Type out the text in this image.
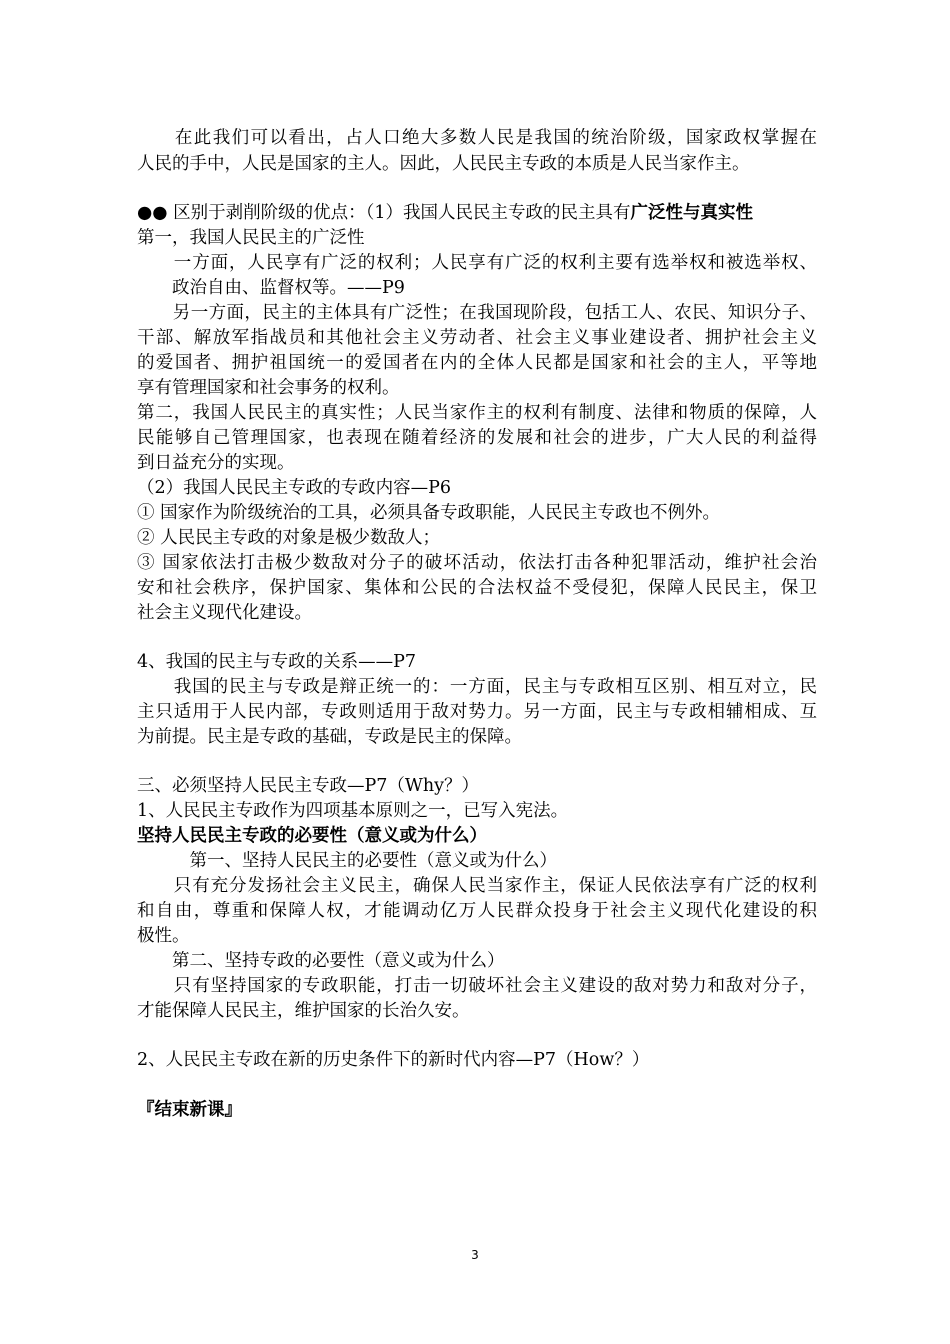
　　在此我们可以看出，占人口绝大多数人民是我国的统治阶级，国家政权掌握在
人民的手中，人民是国家的主人。因此，人民民主专政的本质是人民当家作主。
●● 区别于剥削阶级的优点：（1）我国人民民主专政的民主具有广泛性与真实性
第一，我国人民民主的广泛性
　　一方面，人民享有广泛的权利；人民享有广泛的权利主要有选举权和被选举权、
　　政治自由、监督权等。——P9
　　另一方面，民主的主体具有广泛性；在我国现阶段，包括工人、农民、知识分子、
干部、解放军指战员和其他社会主义劳动者、社会主义事业建设者、拥护社会主义
的爱国者、拥护祖国统一的爱国者在内的全体人民都是国家和社会的主人，平等地
享有管理国家和社会事务的权利。
第二，我国人民民主的真实性；人民当家作主的权利有制度、法律和物质的保障，人
民能够自己管理国家，也表现在随着经济的发展和社会的进步，广大人民的利益得
到日益充分的实现。
（2）我国人民民主专政的专政内容—P6
① 国家作为阶级统治的工具，必须具备专政职能，人民民主专政也不例外。
② 人民民主专政的对象是极少数敌人；
③ 国家依法打击极少数敌对分子的破坏活动，依法打击各种犯罪活动，维护社会治
安和社会秩序，保护国家、集体和公民的合法权益不受侵犯，保障人民民主，保卫
社会主义现代化建设。
4、我国的民主与专政的关系——P7
　　我国的民主与专政是辩正统一的：一方面，民主与专政相互区别、相互对立，民
主只适用于人民内部，专政则适用于敌对势力。另一方面，民主与专政相辅相成、互
为前提。民主是专政的基础，专政是民主的保障。
三、必须坚持人民民主专政—P7（Why？）
1、人民民主专政作为四项基本原则之一，已写入宪法。
坚持人民民主专政的必要性（意义或为什么）
　　　第一、坚持人民民主的必要性（意义或为什么）
　　只有充分发扬社会主义民主，确保人民当家作主，保证人民依法享有广泛的权利
和自由，尊重和保障人权，才能调动亿万人民群众投身于社会主义现代化建设的积
极性。
　　第二、坚持专政的必要性（意义或为什么）
　　只有坚持国家的专政职能，打击一切破坏社会主义建设的敌对势力和敌对分子，
才能保障人民民主，维护国家的长治久安。
2、人民民主专政在新的历史条件下的新时代内容—P7（How？）
『结束新课』
3
